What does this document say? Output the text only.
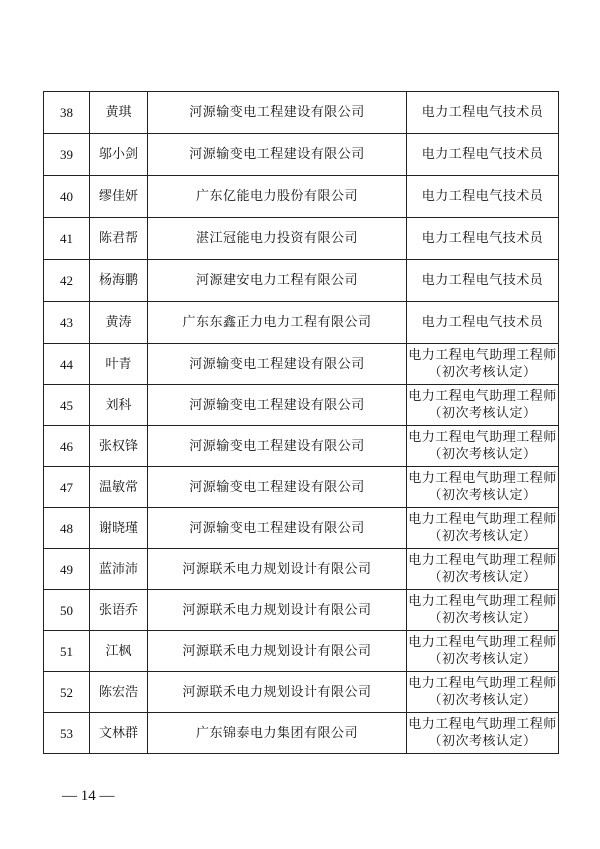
38	黄琪	河源输变电工程建设有限公司	电力工程电气技术员

39	邬小剑	河源输变电工程建设有限公司	电力工程电气技术员

40	缪佳妍	广东亿能电力股份有限公司	电力工程电气技术员

41	陈君帮	湛江冠能电力投资有限公司	电力工程电气技术员

42	杨海鹏	河源建安电力工程有限公司	电力工程电气技术员

43	黄涛	广东东鑫正力电力工程有限公司	电力工程电气技术员

44	叶青	河源输变电工程建设有限公司	电力工程电气助理工程师
（初次考核认定）

45	刘科	河源输变电工程建设有限公司	电力工程电气助理工程师
（初次考核认定）

46	张权锋	河源输变电工程建设有限公司	电力工程电气助理工程师
（初次考核认定）

47	温敏常	河源输变电工程建设有限公司	电力工程电气助理工程师
（初次考核认定）

48	谢晓瑾	河源输变电工程建设有限公司	电力工程电气助理工程师
（初次考核认定）

49	蓝沛沛	河源联禾电力规划设计有限公司	电力工程电气助理工程师
（初次考核认定）

50	张语乔	河源联禾电力规划设计有限公司	电力工程电气助理工程师
（初次考核认定）

51	江枫	河源联禾电力规划设计有限公司	电力工程电气助理工程师
（初次考核认定）

52	陈宏浩	河源联禾电力规划设计有限公司	电力工程电气助理工程师
（初次考核认定）

53	文林群	广东锦泰电力集团有限公司	电力工程电气助理工程师
（初次考核认定）
— 14 —
